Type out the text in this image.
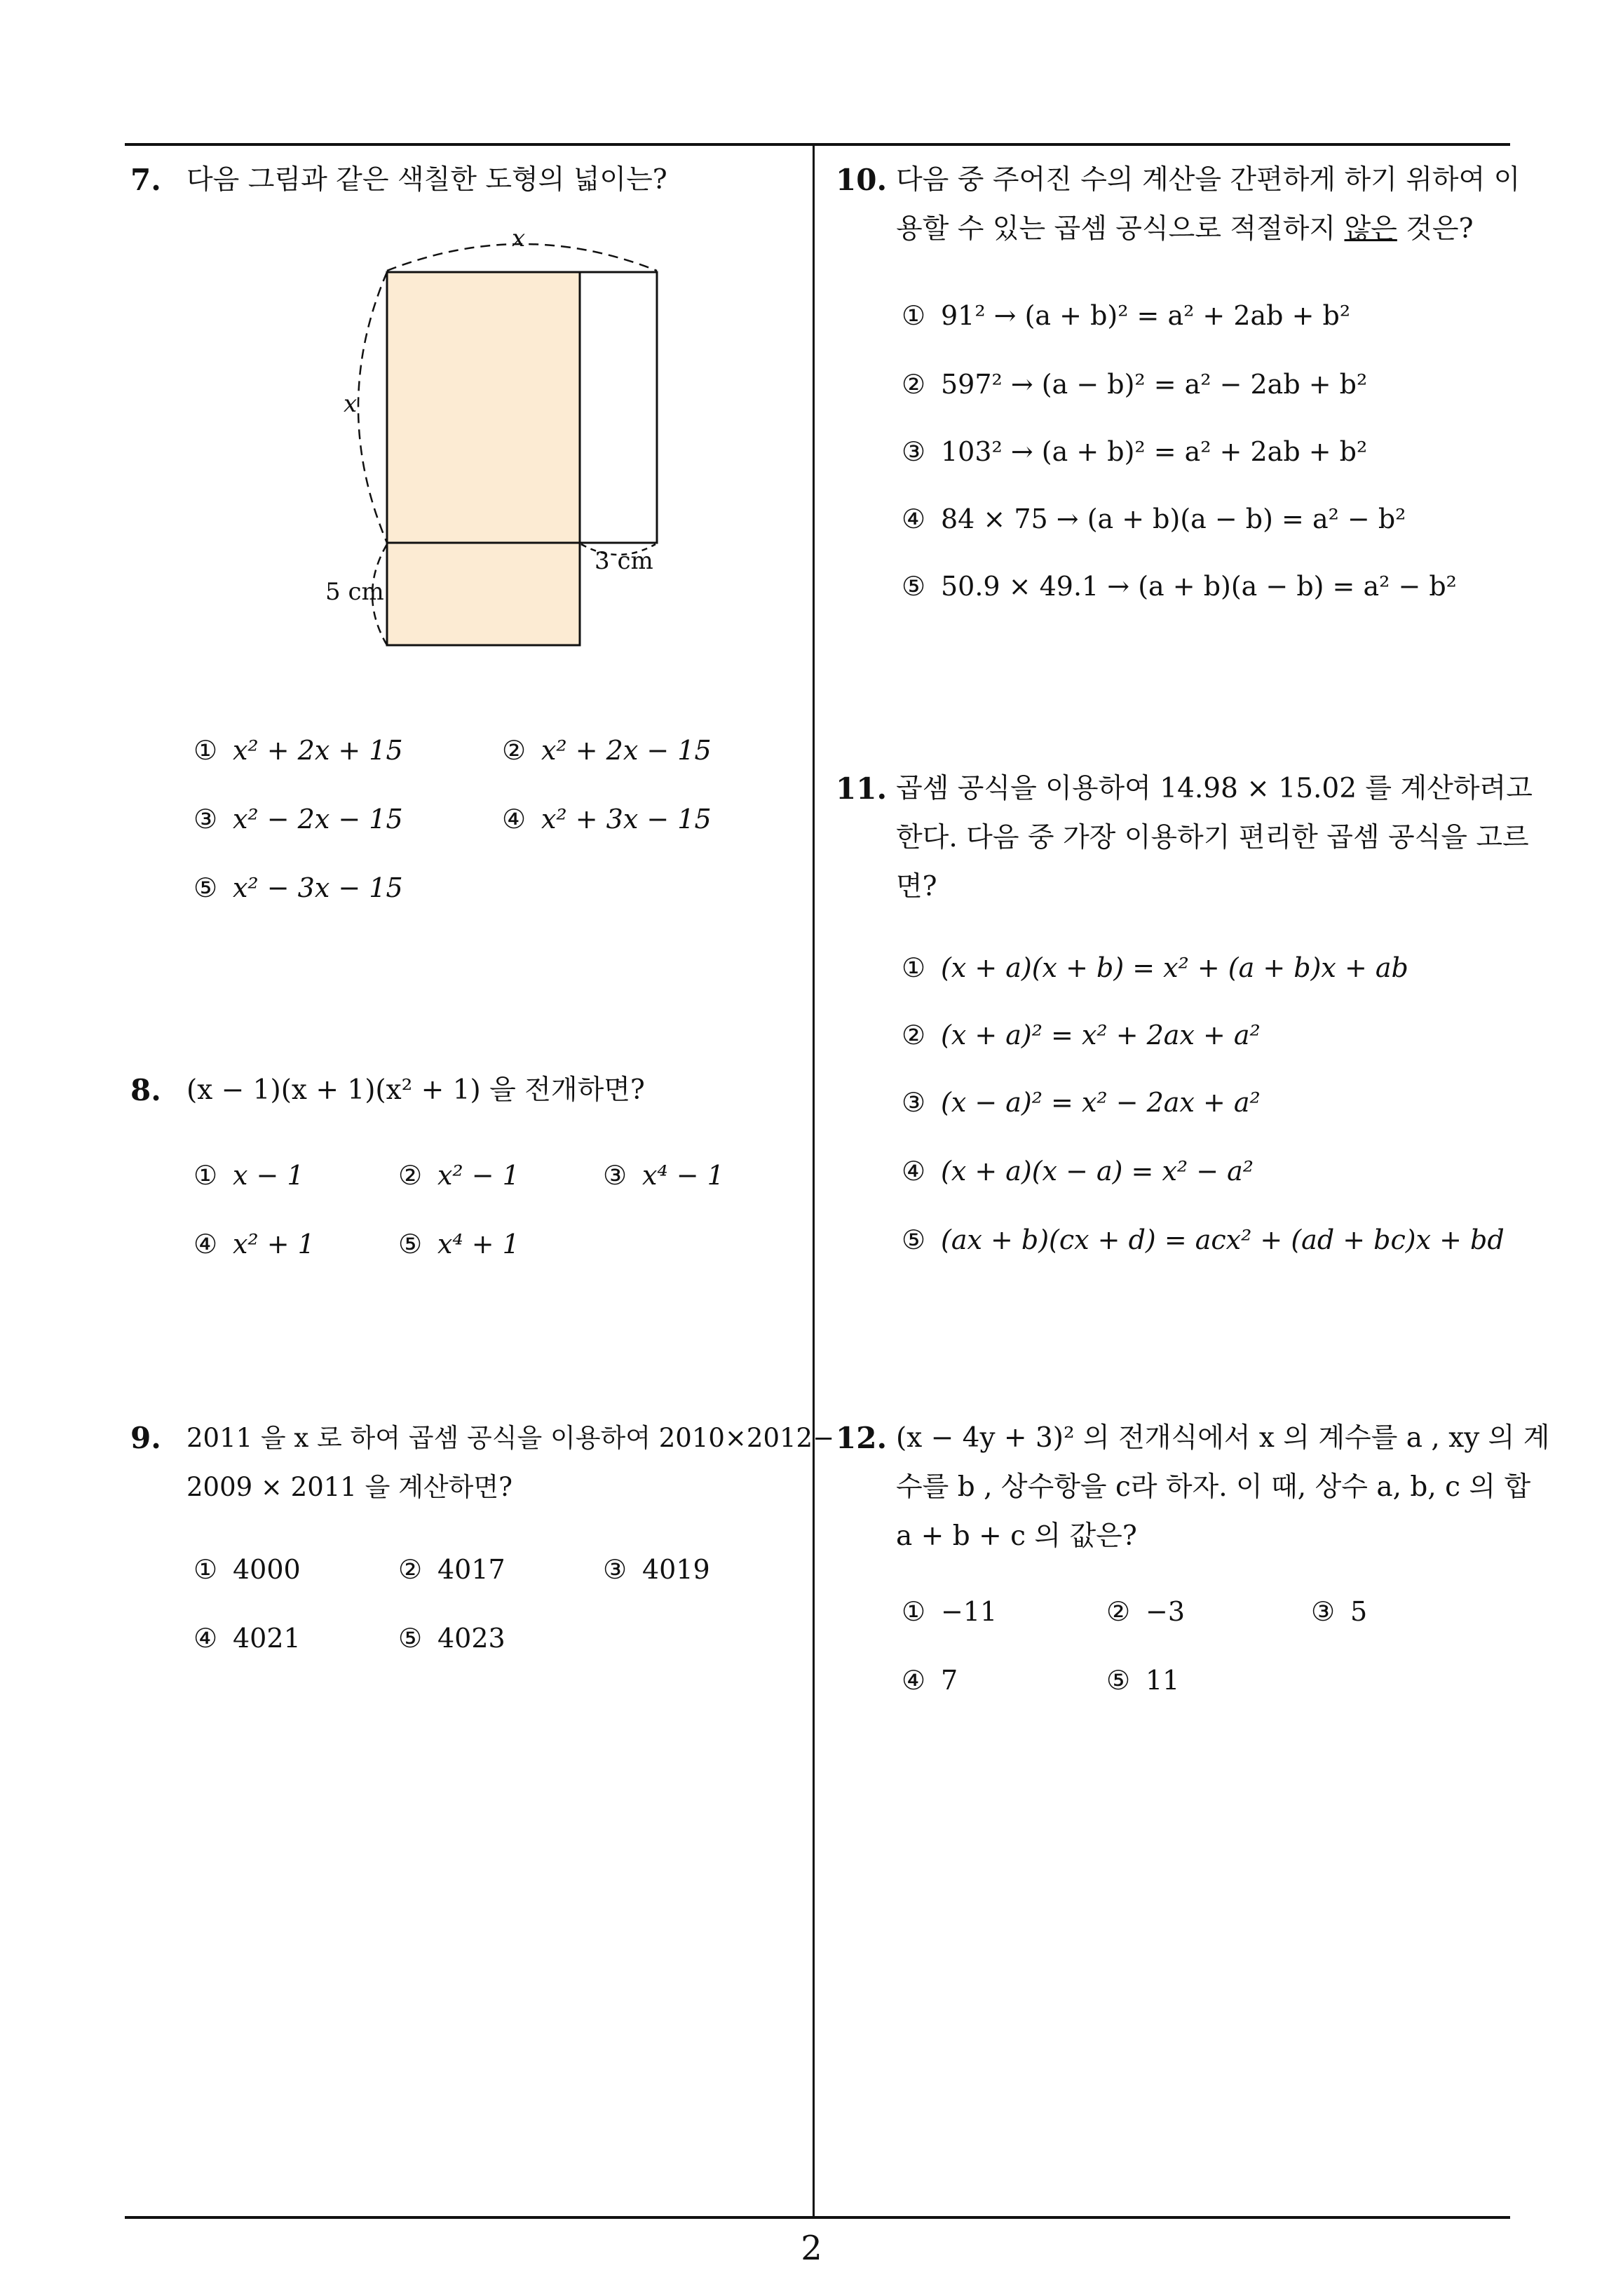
7. 다음 그림과 같은 색칠한 도형의 넓이는?
x
x
5 cm
3 cm
① x² + 2x + 15	② x² + 2x − 15
③ x² − 2x − 15	④ x² + 3x − 15
⑤ x² − 3x − 15
8. (x − 1)(x + 1)(x² + 1) 을 전개하면?
① x − 1	② x² − 1	③ x⁴ − 1
④ x² + 1	⑤ x⁴ + 1
9. 2011 을 x 로 하여 곱셈 공식을 이용하여 2010×2012−
2009 × 2011 을 계산하면?
① 4000	② 4017	③ 4019
④ 4021	⑤ 4023
10. 다음 중 주어진 수의 계산을 간편하게 하기 위하여 이
용할 수 있는 곱셈 공식으로 적절하지 않은 것은?
① 91² → (a + b)² = a² + 2ab + b²
② 597² → (a − b)² = a² − 2ab + b²
③ 103² → (a + b)² = a² + 2ab + b²
④ 84 × 75 → (a + b)(a − b) = a² − b²
⑤ 50.9 × 49.1 → (a + b)(a − b) = a² − b²
11. 곱셈 공식을 이용하여 14.98 × 15.02 를 계산하려고
한다. 다음 중 가장 이용하기 편리한 곱셈 공식을 고르
면?
① (x + a)(x + b) = x² + (a + b)x + ab
② (x + a)² = x² + 2ax + a²
③ (x − a)² = x² − 2ax + a²
④ (x + a)(x − a) = x² − a²
⑤ (ax + b)(cx + d) = acx² + (ad + bc)x + bd
12. (x − 4y + 3)² 의 전개식에서 x 의 계수를 a , xy 의 계
수를 b , 상수항을 c라 하자. 이 때, 상수 a, b, c 의 합
a + b + c 의 값은?
① −11	② −3	③ 5
④ 7	⑤ 11
2
